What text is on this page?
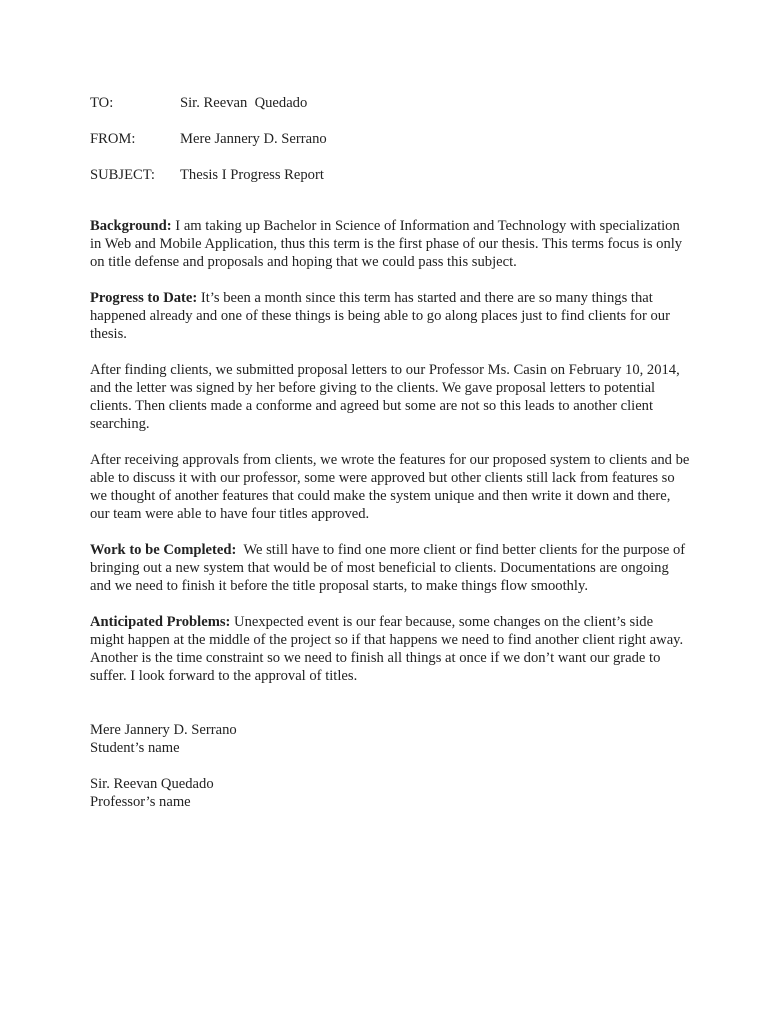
TO:	Sir. Reevan  Quedado
FROM:	Mere Jannery D. Serrano
SUBJECT: Thesis I Progress Report

Background: I am taking up Bachelor in Science of Information and Technology with specialization in Web and Mobile Application, thus this term is the first phase of our thesis. This terms focus is only on title defense and proposals and hoping that we could pass this subject.

Progress to Date: It’s been a month since this term has started and there are so many things that happened already and one of these things is being able to go along places just to find clients for our thesis.

After finding clients, we submitted proposal letters to our Professor Ms. Casin on February 10, 2014, and the letter was signed by her before giving to the clients. We gave proposal letters to potential clients. Then clients made a conforme and agreed but some are not so this leads to another client searching.

After receiving approvals from clients, we wrote the features for our proposed system to clients and be able to discuss it with our professor, some were approved but other clients still lack from features so we thought of another features that could make the system unique and then write it down and there, our team were able to have four titles approved.

Work to be Completed:  We still have to find one more client or find better clients for the purpose of bringing out a new system that would be of most beneficial to clients. Documentations are ongoing and we need to finish it before the title proposal starts, to make things flow smoothly.

Anticipated Problems: Unexpected event is our fear because, some changes on the client’s side might happen at the middle of the project so if that happens we need to find another client right away. Another is the time constraint so we need to finish all things at once if we don’t want our grade to suffer. I look forward to the approval of titles.

Mere Jannery D. Serrano

Student’s name

Sir. Reevan Quedado

Professor’s name
